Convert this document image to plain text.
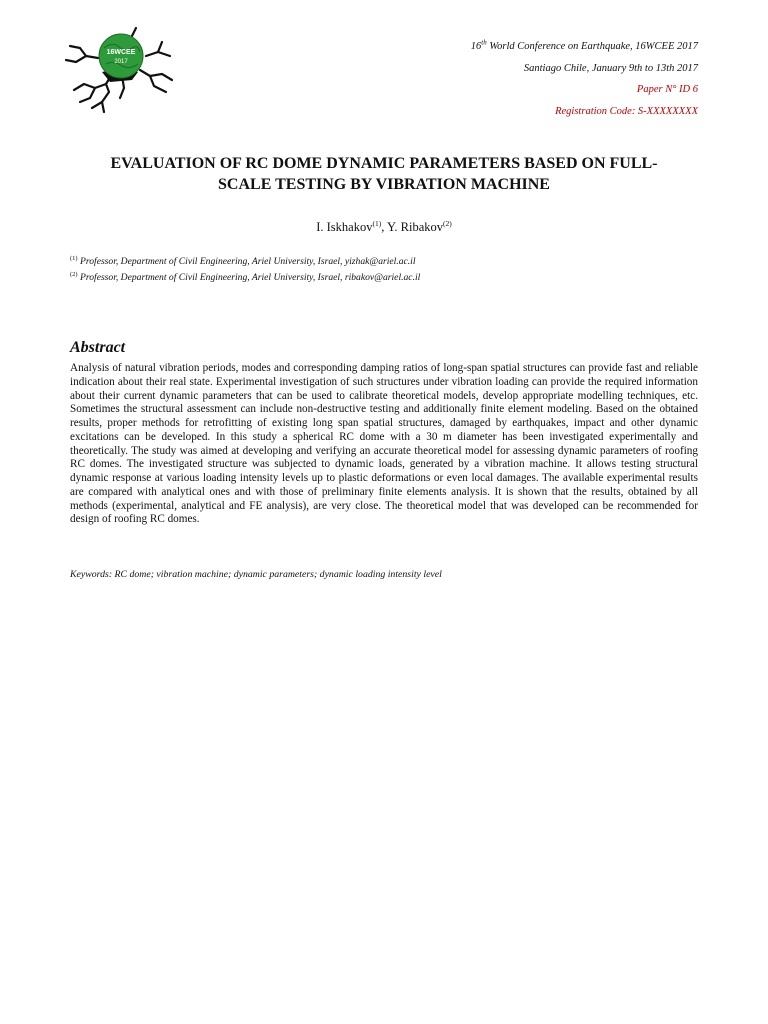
16WCEE
2017
16th World Conference on Earthquake, 16WCEE 2017
Santiago Chile, January 9th to 13th 2017
Paper N° ID 6
Registration Code: S-XXXXXXXX
EVALUATION OF RC DOME DYNAMIC PARAMETERS BASED ON FULL-
SCALE TESTING BY VIBRATION MACHINE
I. Iskhakov$^{(1)}$, Y. Ribakov$^{(2)}$
$^{(1)}$ Professor, Department of Civil Engineering, Ariel University, Israel, yizhak@ariel.ac.il
$^{(2)}$ Professor, Department of Civil Engineering, Ariel University, Israel, ribakov@ariel.ac.il
Abstract
Analysis of natural vibration periods, modes and corresponding damping ratios of long-span spatial structures can provide fast and reliable indication about their real state. Experimental investigation of such structures under vibration loading can provide the required information about their current dynamic parameters that can be used to calibrate theoretical models, develop appropriate modelling techniques, etc. Sometimes the structural assessment can include non-destructive testing and additionally finite element modeling. Based on the obtained results, proper methods for retrofitting of existing long span spatial structures, damaged by earthquakes, impact and other dynamic excitations can be developed. In this study a spherical RC dome with a 30 m diameter has been investigated experimentally and theoretically. The study was aimed at developing and verifying an accurate theoretical model for assessing dynamic parameters of roofing RC domes. The investigated structure was subjected to dynamic loads, generated by a vibration machine. It allows testing structural dynamic response at various loading intensity levels up to plastic deformations or even local damages. The available experimental results are compared with analytical ones and with those of preliminary finite elements analysis. It is shown that the results, obtained by all methods (experimental, analytical and FE analysis), are very close. The theoretical model that was developed can be recommended for design of roofing RC domes.
Keywords: RC dome; vibration machine; dynamic parameters; dynamic loading intensity level
